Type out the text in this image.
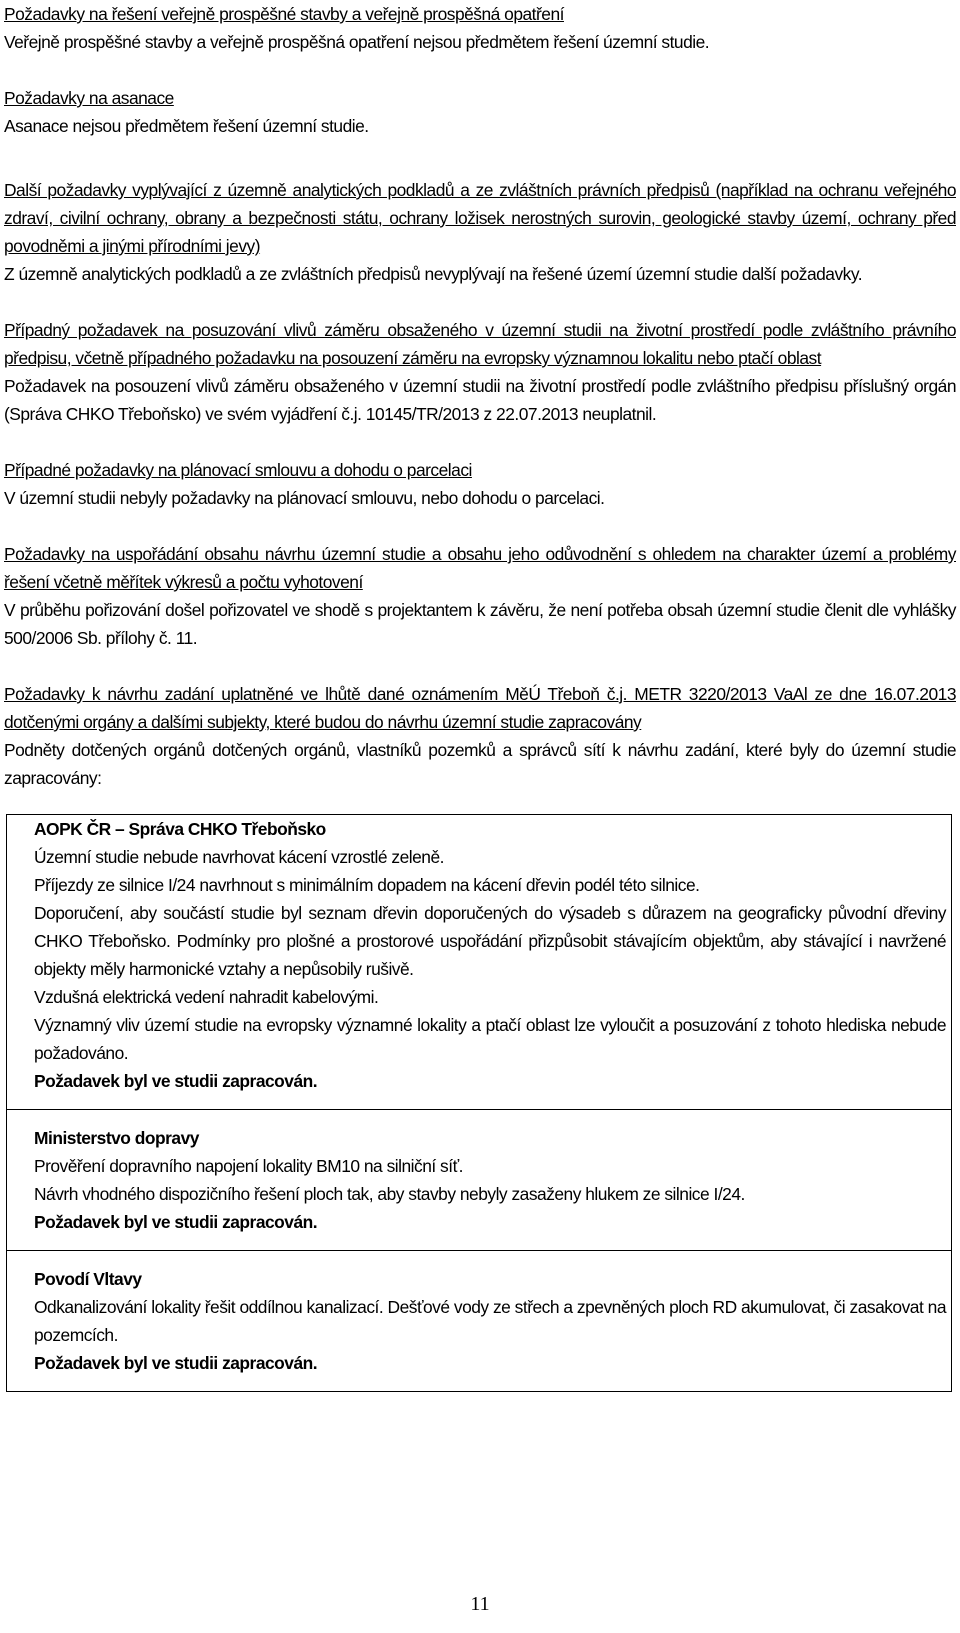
Požadavky na řešení veřejně prospěšné stavby a veřejně prospěšná opatření
Veřejně prospěšné stavby a veřejně prospěšná opatření nejsou předmětem řešení územní studie.
Požadavky na asanace
Asanace nejsou předmětem řešení územní studie.
Další požadavky vyplývající z územně analytických podkladů a ze zvláštních právních předpisů (například na ochranu veřejného zdraví, civilní ochrany, obrany a bezpečnosti státu, ochrany ložisek nerostných surovin, geologické stavby území, ochrany před povodněmi a jinými přírodními jevy)
Z územně analytických podkladů a ze zvláštních předpisů nevyplývají na řešené území územní studie další požadavky.
Případný požadavek na posuzování vlivů záměru obsaženého v územní studii na životní prostředí podle zvláštního právního předpisu, včetně případného požadavku na posouzení záměru na evropsky významnou lokalitu nebo ptačí oblast
Požadavek na posouzení vlivů záměru obsaženého v územní studii na životní prostředí podle zvláštního předpisu příslušný orgán (Správa CHKO Třeboňsko) ve svém vyjádření č.j. 10145/TR/2013 z 22.07.2013 neuplatnil.
Případné požadavky na plánovací smlouvu a dohodu o parcelaci
V územní studii nebyly požadavky na plánovací smlouvu, nebo dohodu o parcelaci.
Požadavky na uspořádání obsahu návrhu územní studie a obsahu jeho odůvodnění s ohledem na charakter území a problémy řešení včetně měřítek výkresů a počtu vyhotovení
V průběhu pořizování došel pořizovatel ve shodě s projektantem k závěru, že není potřeba obsah územní studie členit dle vyhlášky 500/2006 Sb. přílohy č. 11.
Požadavky k návrhu zadání uplatněné ve lhůtě dané oznámením MěÚ Třeboň č.j. METR 3220/2013 VaAl ze dne 16.07.2013 dotčenými orgány a dalšími subjekty, které budou do návrhu územní studie zapracovány
Podněty dotčených orgánů dotčených orgánů, vlastníků pozemků a správců sítí k návrhu zadání, které byly do územní studie zapracovány:
AOPK ČR – Správa CHKO Třeboňsko
Územní studie nebude navrhovat kácení vzrostlé zeleně.
Příjezdy ze silnice I/24 navrhnout s minimálním dopadem na kácení dřevin podél této silnice.
Doporučení, aby součástí studie byl seznam dřevin doporučených do výsadeb s důrazem na geograficky původní dřeviny CHKO Třeboňsko. Podmínky pro plošné a prostorové uspořádání přizpůsobit stávajícím objektům, aby stávající i navržené objekty měly harmonické vztahy a nepůsobily rušivě.
Vzdušná elektrická vedení nahradit kabelovými.
Významný vliv území studie na evropsky významné lokality a ptačí oblast lze vyloučit a posuzování z tohoto hlediska nebude požadováno.
Požadavek byl ve studii zapracován.
Ministerstvo dopravy
Prověření dopravního napojení lokality BM10 na silniční síť.
Návrh vhodného dispozičního řešení ploch tak, aby stavby nebyly zasaženy hlukem ze silnice I/24.
Požadavek byl ve studii zapracován.
Povodí Vltavy
Odkanalizování lokality řešit oddílnou kanalizací. Dešťové vody ze střech a zpevněných ploch RD akumulovat, či zasakovat na pozemcích.
Požadavek byl ve studii zapracován.
11
